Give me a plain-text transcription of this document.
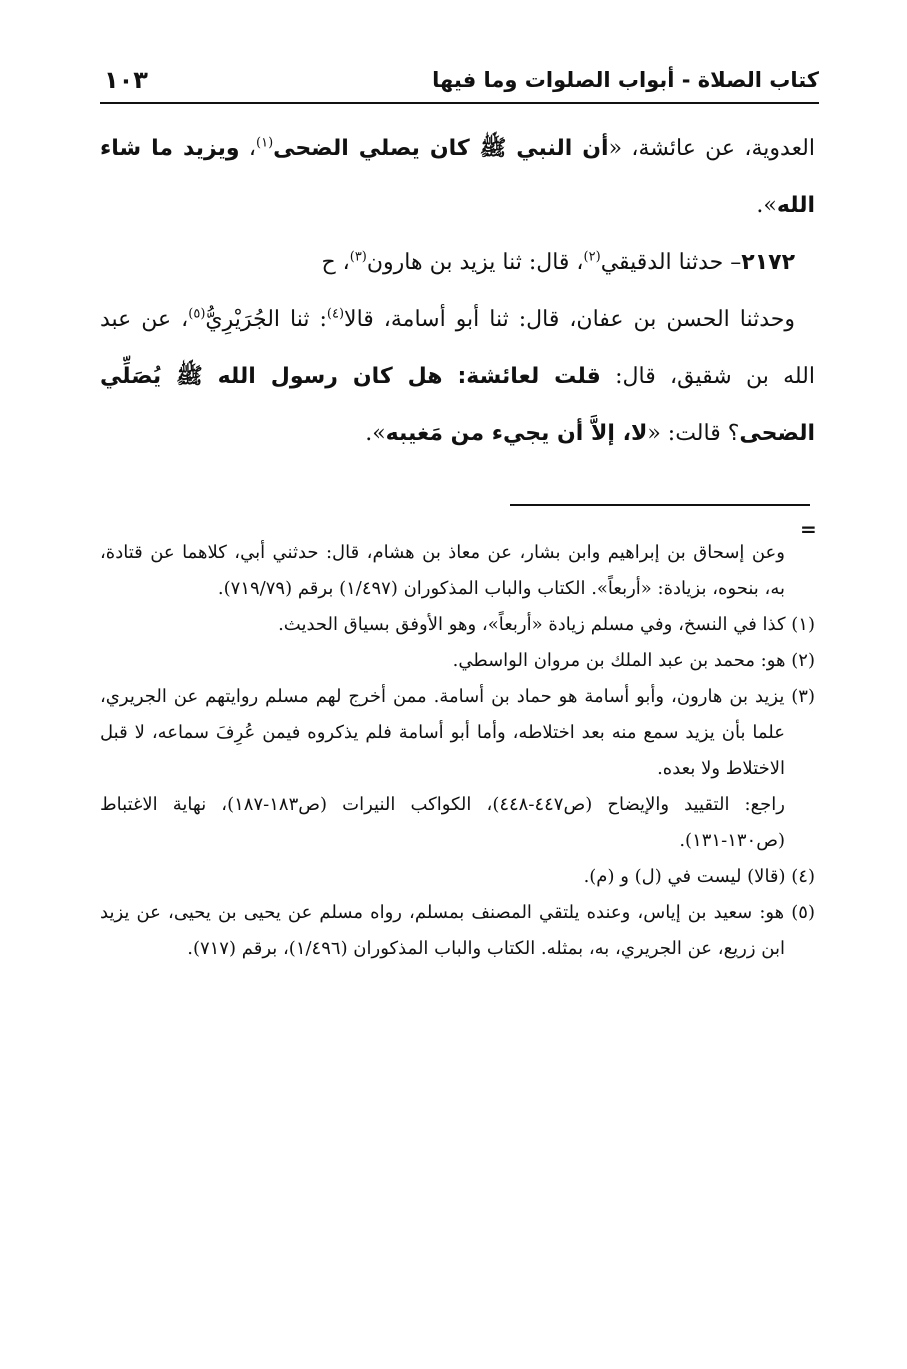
كتاب الصلاة - أبواب الصلوات وما فيها
١٠٣

العدوية، عن عائشة، «أن النبي ﷺ كان يصلي الضحى$^{(١)}$، ويزيد ما شاء الله».

٢١٧٢– حدثنا الدقيقي$^{(٢)}$، قال: ثنا يزيد بن هارون$^{(٣)}$، ح

وحدثنا الحسن بن عفان، قال: ثنا أبو أسامة، قالا$^{(٤)}$: ثنا الجُرَيْرِيُّ$^{(٥)}$، عن عبد الله بن شقيق، قال: قلت لعائشة: هل كان رسول الله ﷺ يُصَلِّي الضحى؟ قالت: «لا، إلاَّ أن يجيء من مَغيبه».

=

وعن إسحاق بن إبراهيم وابن بشار، عن معاذ بن هشام، قال: حدثني أبي، كلاهما عن قتادة، به، بنحوه، بزيادة: «أربعاً». الكتاب والباب المذكوران (١/٤٩٧) برقم (٧١٩/٧٩).

(١) كذا في النسخ، وفي مسلم زيادة «أربعاً»، وهو الأوفق بسياق الحديث.

(٢) هو: محمد بن عبد الملك بن مروان الواسطي.

(٣) يزيد بن هارون، وأبو أسامة هو حماد بن أسامة. ممن أخرج لهم مسلم روايتهم عن الجريري، علما بأن يزيد سمع منه بعد اختلاطه، وأما أبو أسامة فلم يذكروه فيمن عُرِفَ سماعه، لا قبل الاختلاط ولا بعده.

راجع: التقييد والإيضاح (ص٤٤٧-٤٤٨)، الكواكب النيرات (ص١٨٣-١٨٧)، نهاية الاغتباط (ص١٣٠-١٣١).

(٤) (قالا) ليست في (ل) و (م).

(٥) هو: سعيد بن إياس، وعنده يلتقي المصنف بمسلم، رواه مسلم عن يحيى بن يحيى، عن يزيد ابن زريع، عن الجريري، به، بمثله. الكتاب والباب المذكوران (١/٤٩٦)، برقم (٧١٧).
